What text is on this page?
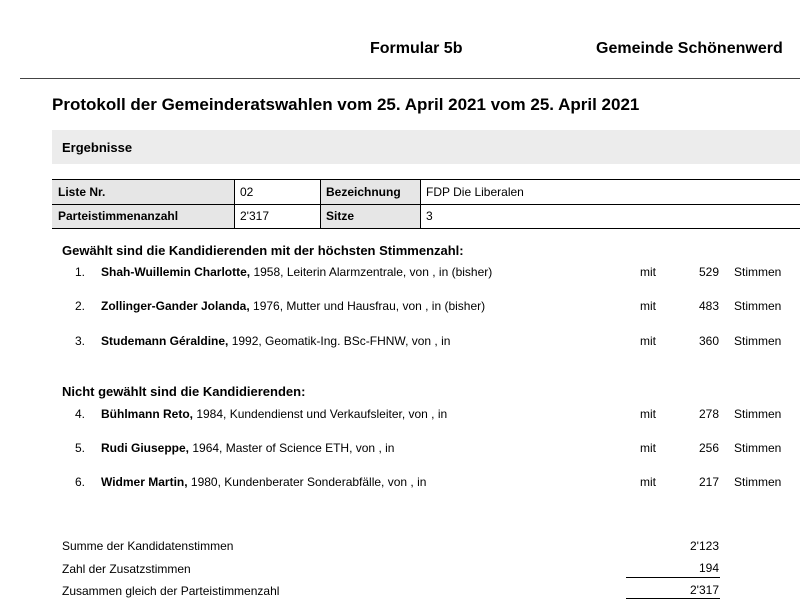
Formular 5b	Gemeinde Schönenwerd
Protokoll der Gemeinderatswahlen vom 25. April 2021 vom 25. April 2021
Ergebnisse
Liste Nr.	02	Bezeichnung	FDP Die Liberalen
Parteistimmenanzahl	2'317	Sitze	3
Gewählt sind die Kandidierenden mit der höchsten Stimmenzahl:
1. Shah-Wuillemin Charlotte, 1958, Leiterin Alarmzentrale, von , in (bisher)	mit	529 Stimmen
2. Zollinger-Gander Jolanda, 1976, Mutter und Hausfrau, von , in (bisher)	mit	483 Stimmen
3. Studemann Géraldine, 1992, Geomatik-Ing. BSc-FHNW, von , in	mit	360 Stimmen
Nicht gewählt sind die Kandidierenden:
4. Bühlmann Reto, 1984, Kundendienst und Verkaufsleiter, von , in	mit	278 Stimmen
5. Rudi Giuseppe, 1964, Master of Science ETH, von , in	mit	256 Stimmen
6. Widmer Martin, 1980, Kundenberater Sonderabfälle, von , in	mit	217 Stimmen
Summe der Kandidatenstimmen	2'123
Zahl der Zusatzstimmen	194
Zusammen gleich der Parteistimmenzahl	2'317
